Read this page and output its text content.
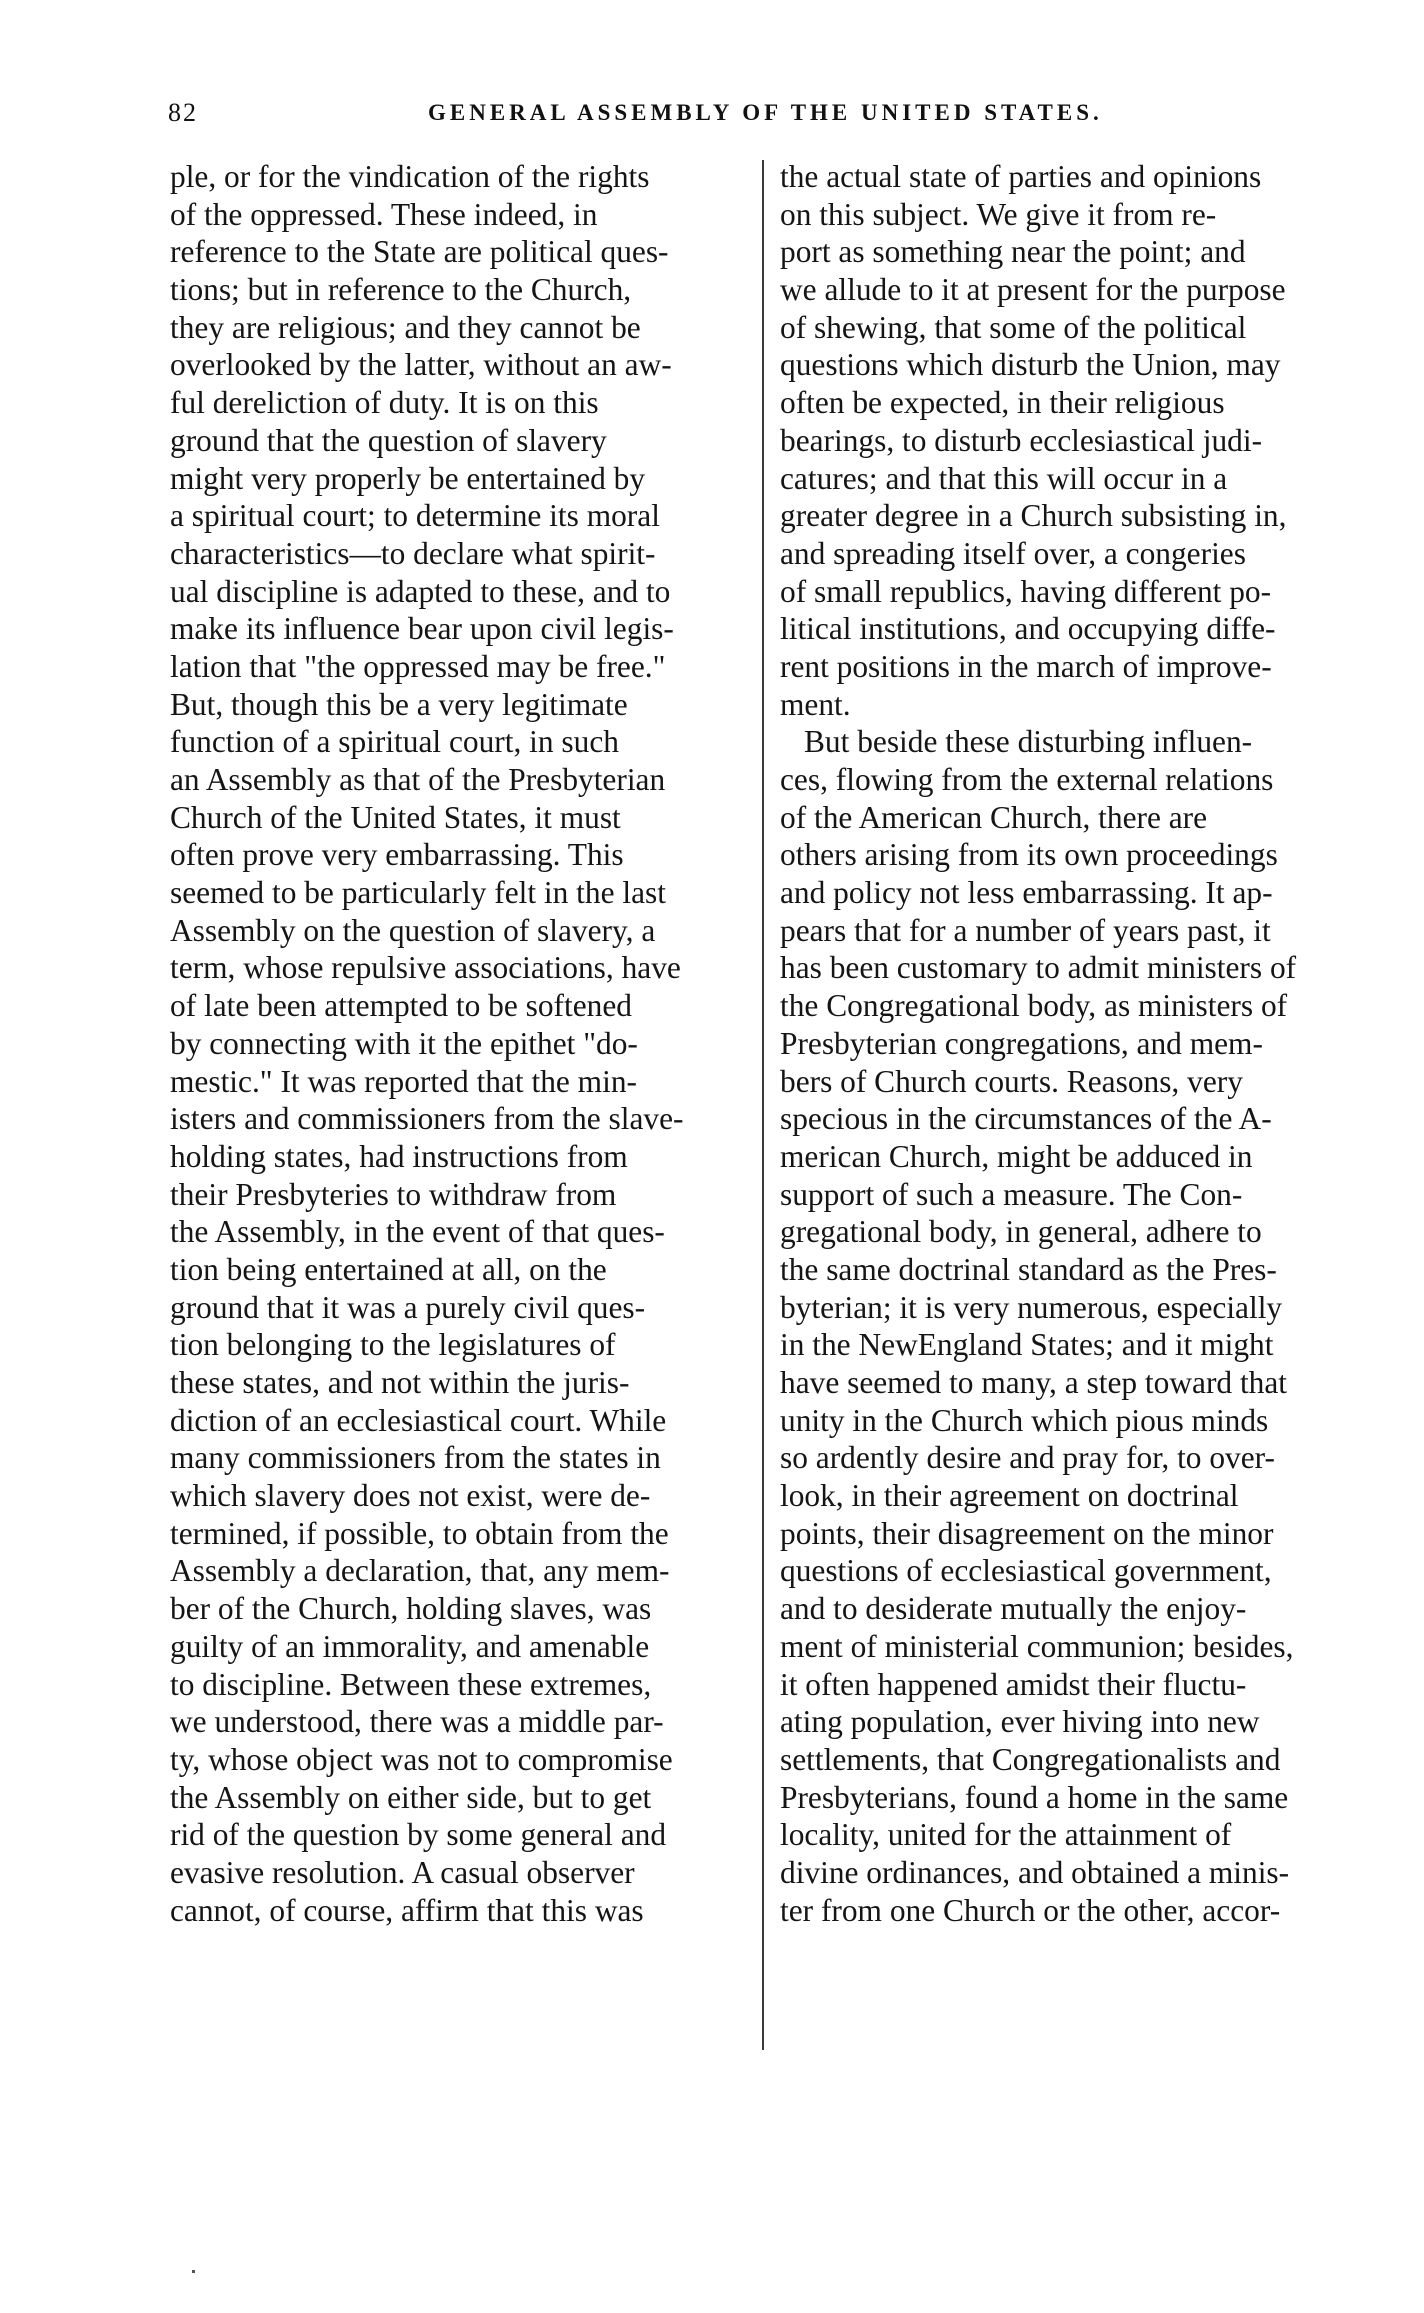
82	GENERAL ASSEMBLY OF THE UNITED STATES.
ple, or for the vindication of the rights
of the oppressed. These indeed, in
reference to the State are political ques-
tions; but in reference to the Church,
they are religious; and they cannot be
overlooked by the latter, without an aw-
ful dereliction of duty. It is on this
ground that the question of slavery
might very properly be entertained by
a spiritual court; to determine its moral
characteristics—to declare what spirit-
ual discipline is adapted to these, and to
make its influence bear upon civil legis-
lation that "the oppressed may be free."
But, though this be a very legitimate
function of a spiritual court, in such
an Assembly as that of the Presbyterian
Church of the United States, it must
often prove very embarrassing. This
seemed to be particularly felt in the last
Assembly on the question of slavery, a
term, whose repulsive associations, have
of late been attempted to be softened
by connecting with it the epithet "do-
mestic." It was reported that the min-
isters and commissioners from the slave-
holding states, had instructions from
their Presbyteries to withdraw from
the Assembly, in the event of that ques-
tion being entertained at all, on the
ground that it was a purely civil ques-
tion belonging to the legislatures of
these states, and not within the juris-
diction of an ecclesiastical court. While
many commissioners from the states in
which slavery does not exist, were de-
termined, if possible, to obtain from the
Assembly a declaration, that, any mem-
ber of the Church, holding slaves, was
guilty of an immorality, and amenable
to discipline. Between these extremes,
we understood, there was a middle par-
ty, whose object was not to compromise
the Assembly on either side, but to get
rid of the question by some general and
evasive resolution. A casual observer
cannot, of course, affirm that this was
the actual state of parties and opinions
on this subject. We give it from re-
port as something near the point; and
we allude to it at present for the purpose
of shewing, that some of the political
questions which disturb the Union, may
often be expected, in their religious
bearings, to disturb ecclesiastical judi-
catures; and that this will occur in a
greater degree in a Church subsisting in,
and spreading itself over, a congeries
of small republics, having different po-
litical institutions, and occupying diffe-
rent positions in the march of improve-
ment.
But beside these disturbing influen-
ces, flowing from the external relations
of the American Church, there are
others arising from its own proceedings
and policy not less embarrassing. It ap-
pears that for a number of years past, it
has been customary to admit ministers of
the Congregational body, as ministers of
Presbyterian congregations, and mem-
bers of Church courts. Reasons, very
specious in the circumstances of the A-
merican Church, might be adduced in
support of such a measure. The Con-
gregational body, in general, adhere to
the same doctrinal standard as the Pres-
byterian; it is very numerous, especially
in the NewEngland States; and it might
have seemed to many, a step toward that
unity in the Church which pious minds
so ardently desire and pray for, to over-
look, in their agreement on doctrinal
points, their disagreement on the minor
questions of ecclesiastical government,
and to desiderate mutually the enjoy-
ment of ministerial communion; besides,
it often happened amidst their fluctu-
ating population, ever hiving into new
settlements, that Congregationalists and
Presbyterians, found a home in the same
locality, united for the attainment of
divine ordinances, and obtained a minis-
ter from one Church or the other, accor-
